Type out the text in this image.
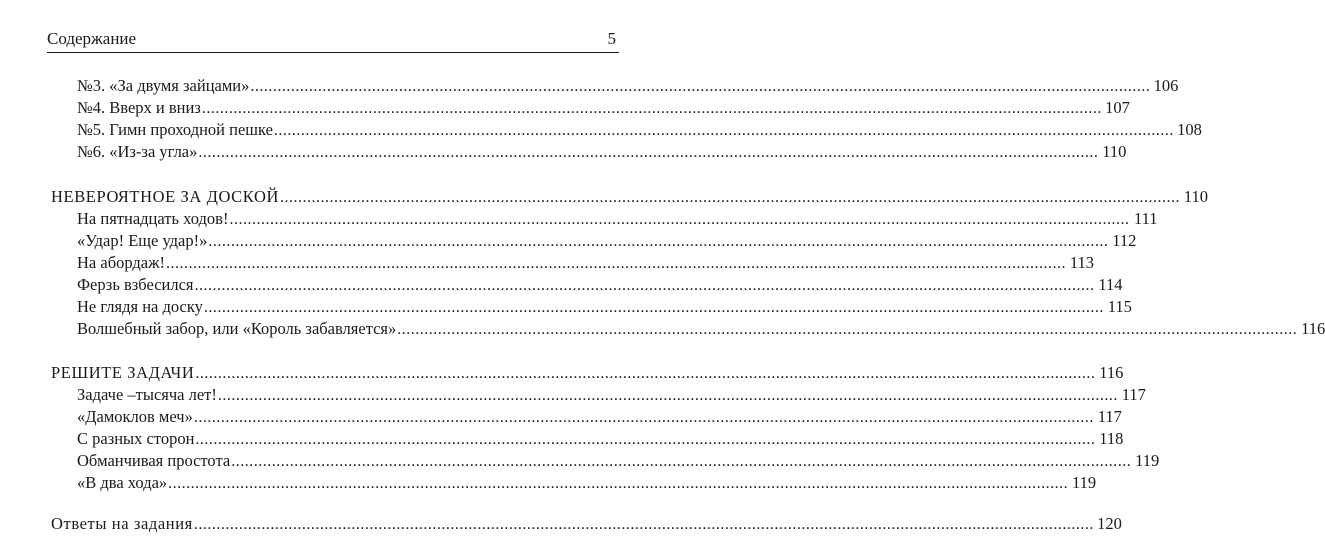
Содержание	5
№3. «За двумя зайцами» ........................................................................................................................................................................................................ 106
№4. Вверх и вниз ........................................................................................................................................................................................................ 107
№5. Гимн проходной пешке ........................................................................................................................................................................................................ 108
№6. «Из-за угла» ........................................................................................................................................................................................................ 110
НЕВЕРОЯТНОЕ ЗА ДОСКОЙ ........................................................................................................................................................................................................ 110
На пятнадцать ходов! ........................................................................................................................................................................................................ 111
«Удар! Еще удар!» ........................................................................................................................................................................................................ 112
На абордаж! ........................................................................................................................................................................................................ 113
Ферзь взбесился ........................................................................................................................................................................................................ 114
Не глядя на доску ........................................................................................................................................................................................................ 115
Волшебный забор, или «Король забавляется» ........................................................................................................................................................................................................ 116
РЕШИТЕ ЗАДАЧИ ........................................................................................................................................................................................................ 116
Задаче –тысяча лет! ........................................................................................................................................................................................................ 117
«Дамоклов меч» ........................................................................................................................................................................................................ 117
С разных сторон ........................................................................................................................................................................................................ 118
Обманчивая простота ........................................................................................................................................................................................................ 119
«В два хода» ........................................................................................................................................................................................................ 119
Ответы на задания ........................................................................................................................................................................................................ 120
